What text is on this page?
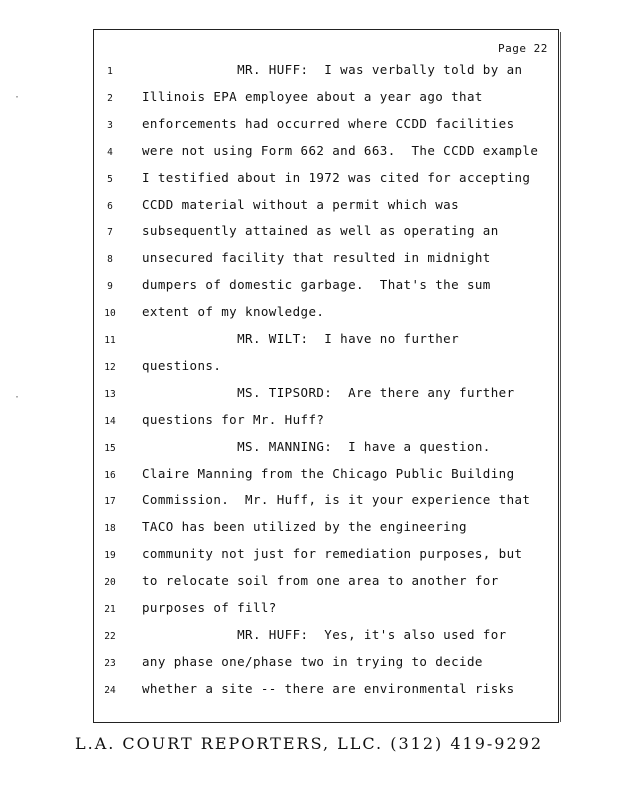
·
·
Page 22
1	MR. HUFF:  I was verbally told by an
2	Illinois EPA employee about a year ago that
3	enforcements had occurred where CCDD facilities
4	were not using Form 662 and 663.  The CCDD example
5	I testified about in 1972 was cited for accepting
6	CCDD material without a permit which was
7	subsequently attained as well as operating an
8	unsecured facility that resulted in midnight
9	dumpers of domestic garbage.  That's the sum
10	extent of my knowledge.
11	MR. WILT:  I have no further
12	questions.
13	MS. TIPSORD:  Are there any further
14	questions for Mr. Huff?
15	MS. MANNING:  I have a question.
16	Claire Manning from the Chicago Public Building
17	Commission.  Mr. Huff, is it your experience that
18	TACO has been utilized by the engineering
19	community not just for remediation purposes, but
20	to relocate soil from one area to another for
21	purposes of fill?
22	MR. HUFF:  Yes, it's also used for
23	any phase one/phase two in trying to decide
24	whether a site -- there are environmental risks
L.A. COURT REPORTERS, LLC. (312) 419-9292
